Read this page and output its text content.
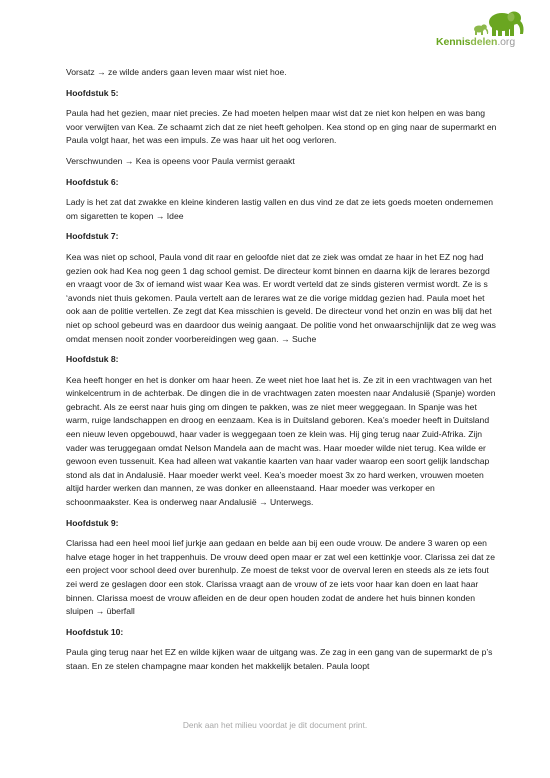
Kennisdelen.org

Vorsatz → ze wilde anders gaan leven maar wist niet hoe.

Hoofdstuk 5:

Paula had het gezien, maar niet precies. Ze had moeten helpen maar wist dat ze niet kon helpen en was bang voor verwijten van Kea. Ze schaamt zich dat ze niet heeft geholpen. Kea stond op en ging naar de supermarkt en Paula volgt haar, het was een impuls. Ze was haar uit het oog verloren.

Verschwunden → Kea is opeens voor Paula vermist geraakt

Hoofdstuk 6:

Lady is het zat dat zwakke en kleine kinderen lastig vallen en dus vind ze dat ze iets goeds moeten ondernemen om sigaretten te kopen → Idee

Hoofdstuk 7:

Kea was niet op school, Paula vond dit raar en geloofde niet dat ze ziek was omdat ze haar in het EZ nog had gezien ook had Kea nog geen 1 dag school gemist. De directeur komt binnen en daarna kijk de lerares bezorgd en vraagt voor de 3x of iemand wist waar Kea was. Er wordt verteld dat ze sinds gisteren vermist wordt. Ze is s ‘avonds niet thuis gekomen. Paula vertelt aan de lerares wat ze die vorige middag gezien had. Paula moet het ook aan de politie vertellen. Ze zegt dat Kea misschien is geveld. De directeur vond het onzin en was blij dat het niet op school gebeurd was en daardoor dus weinig aangaat. De politie vond het onwaarschijnlijk dat ze weg was omdat mensen nooit zonder voorbereidingen weg gaan. → Suche

Hoofdstuk 8:

Kea heeft honger en het is donker om haar heen. Ze weet niet hoe laat het is. Ze zit in een vrachtwagen van het winkelcentrum in de achterbak. De dingen die in de vrachtwagen zaten moesten naar Andalusië (Spanje) worden gebracht. Als ze eerst naar huis ging om dingen te pakken, was ze niet meer weggegaan. In Spanje was het warm, ruige landschappen en droog en eenzaam. Kea is in Duitsland geboren. Kea’s moeder heeft in Duitsland een nieuw leven opgebouwd, haar vader is weggegaan toen ze klein was. Hij ging terug naar Zuid-Afrika. Zijn vader was teruggegaan omdat Nelson Mandela aan de macht was. Haar moeder wilde niet terug. Kea wilde er gewoon even tussenuit. Kea had alleen wat vakantie kaarten van haar vader waarop een soort gelijk landschap stond als dat in Andalusië. Haar moeder werkt veel. Kea’s moeder moest 3x zo hard werken, vrouwen moeten altijd harder werken dan mannen, ze was donker en alleenstaand. Haar moeder was verkoper en schoonmaakster. Kea is onderweg naar Andalusië → Unterwegs.

Hoofdstuk 9:

Clarissa had een heel mooi lief jurkje aan gedaan en belde aan bij een oude vrouw. De andere 3 waren op een halve etage hoger in het trappenhuis. De vrouw deed open maar er zat wel een kettinkje voor. Clarissa zei dat ze een project voor school deed over burenhulp. Ze moest de tekst voor de overval leren en steeds als ze iets fout zei werd ze geslagen door een stok. Clarissa vraagt aan de vrouw of ze iets voor haar kan doen en laat haar binnen. Clarissa moest de vrouw afleiden en de deur open houden zodat de andere het huis binnen konden sluipen → überfall

Hoofdstuk 10:

Paula ging terug naar het EZ en wilde kijken waar de uitgang was. Ze zag in een gang van de supermarkt de p’s staan. En ze stelen champagne maar konden het makkelijk betalen. Paula loopt

Denk aan het milieu voordat je dit document print.
